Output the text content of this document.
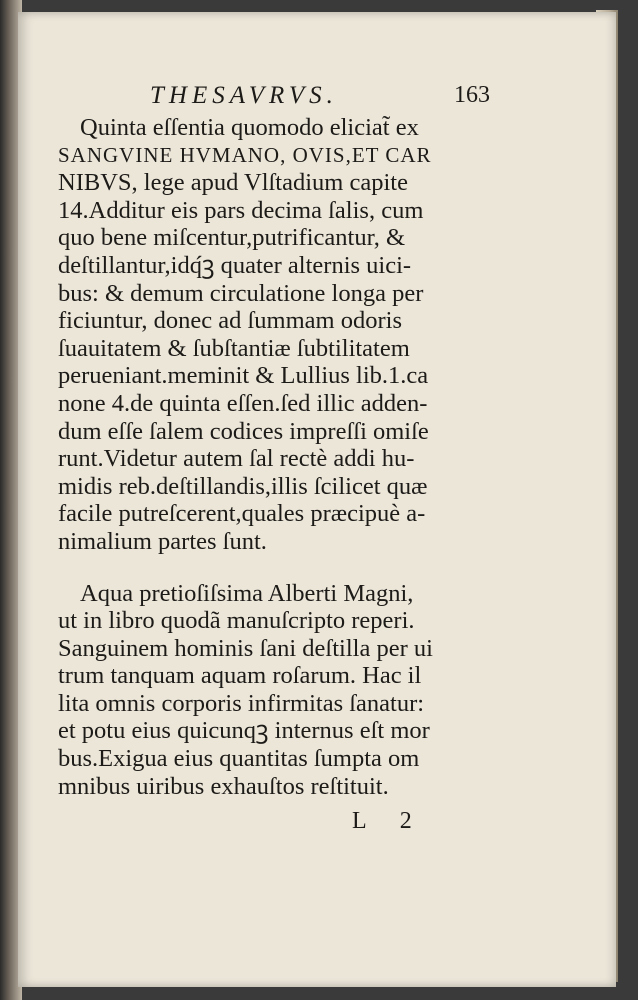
THESAVRVS.	163
Quinta eſſentia quomodo eliciat̃ ex
SANGVINE HVMANO, OVIS,ET CAR
NIBVS, lege apud Vlſtadium capite
14.Additur eis pars decima ſalis, cum
quo bene miſcentur,putrificantur, &
deſtillantur,idq́ꝫ quater alternis uici-
bus: & demum circulatione longa per
ficiuntur, donec ad ſummam odoris
ſuauitatem & ſubſtantiæ ſubtilitatem
perueniant.meminit & Lullius lib.1.ca
none 4.de quinta eſſen.ſed illic adden-
dum eſſe ſalem codices impreſſi omiſe
runt.Videtur autem ſal rectè addi hu-
midis reb.deſtillandis,illis ſcilicet quæ
facile putreſcerent,quales præcipuè a-
nimalium partes ſunt.
Aqua pretioſiſsima Alberti Magni,
ut in libro quodã manuſcripto reperi.
Sanguinem hominis ſani deſtilla per ui
trum tanquam aquam roſarum. Hac il
lita omnis corporis infirmitas ſanatur:
et potu eius quicunqꝫ internus eſt mor
bus.Exigua eius quantitas ſumpta om
mnibus uiribus exhauſtos reſtituit.
L 2
